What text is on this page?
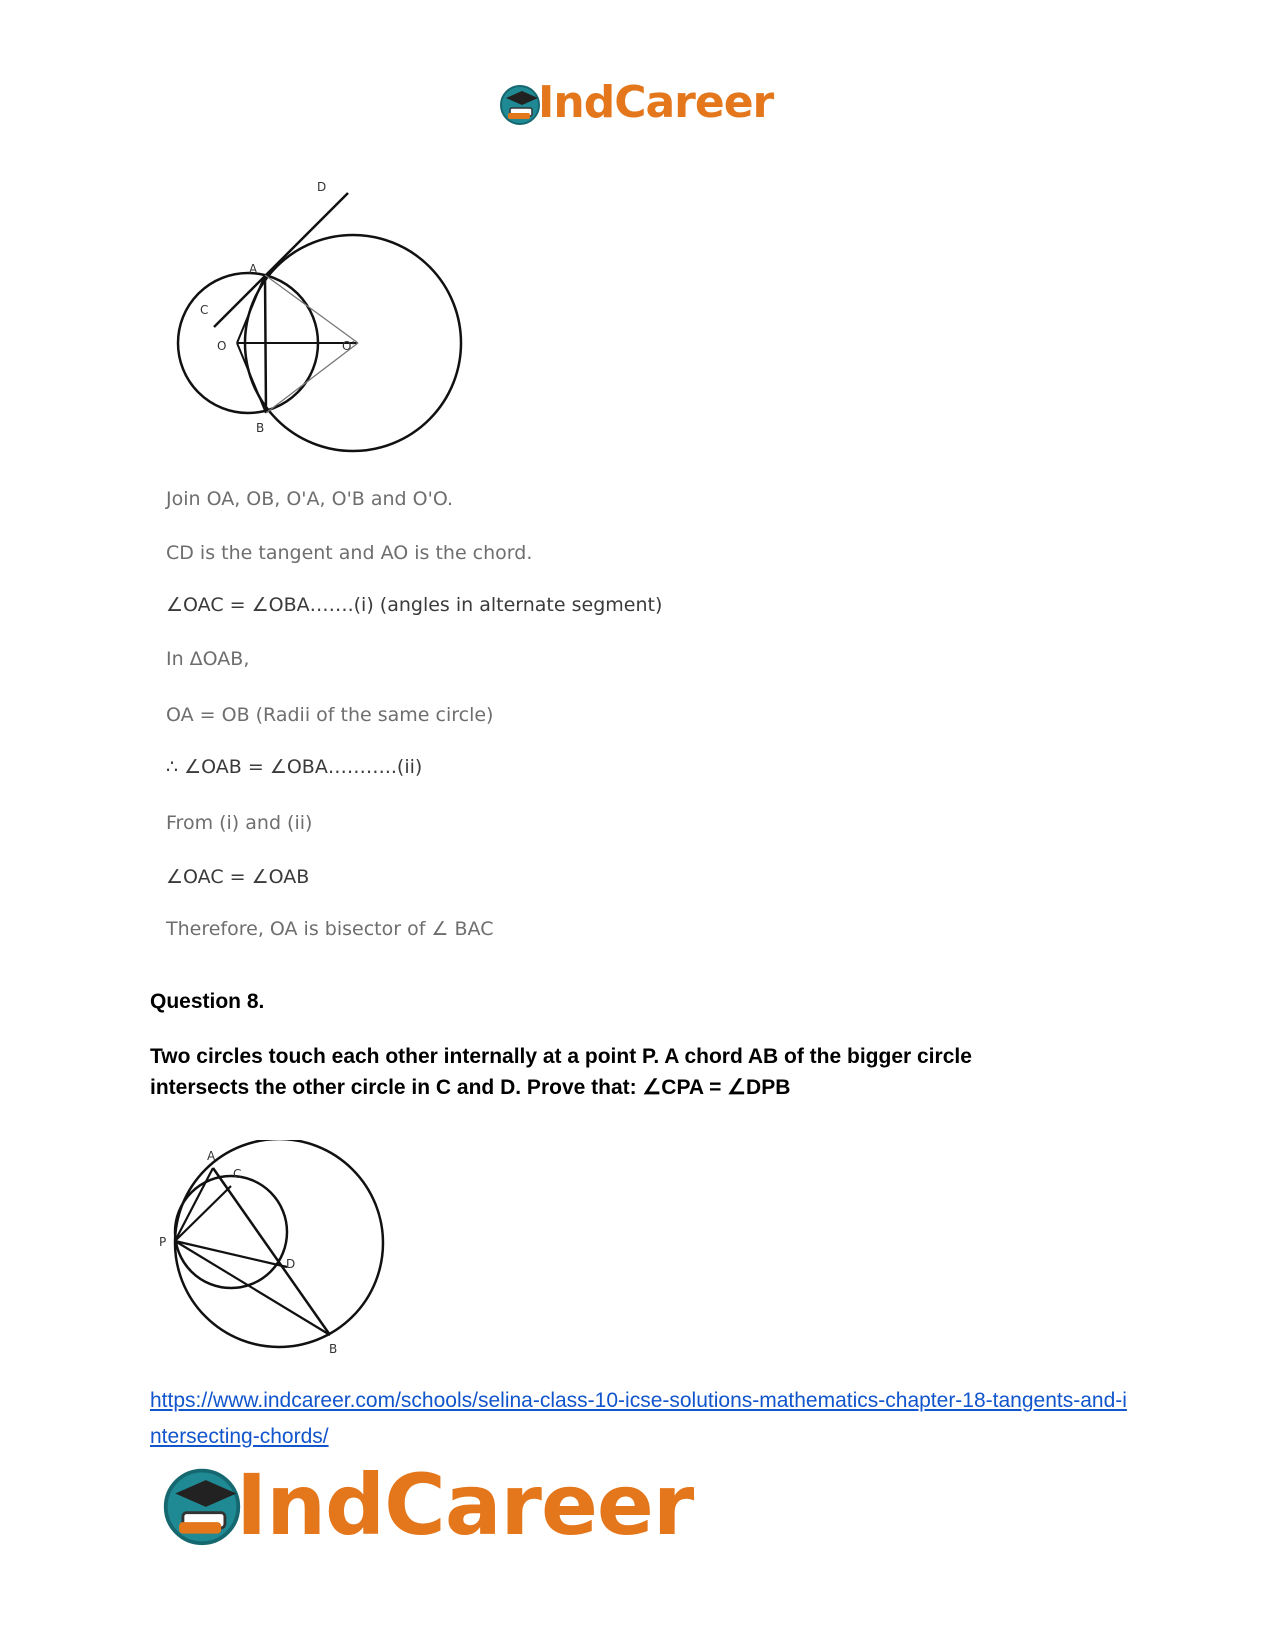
IndCareer
D
A
C
O	O'
B
Join OA, OB, O'A, O'B and O'O.
CD is the tangent and AO is the chord.
∠OAC = ∠OBA…….(i) (angles in alternate segment)
In ΔOAB,
OA = OB (Radii of the same circle)
∴ ∠OAB = ∠OBA………..(ii)
From (i) and (ii)
∠OAC = ∠OAB
Therefore, OA is bisector of ∠ BAC
Question 8.
Two circles touch each other internally at a point P. A chord AB of the bigger circle intersects the other circle in C and D. Prove that: ∠CPA = ∠DPB
A
C
P
D
B
https://www.indcareer.com/schools/selina-class-10-icse-solutions-mathematics-chapter-18-tangents-and-intersecting-chords/
IndCareer
